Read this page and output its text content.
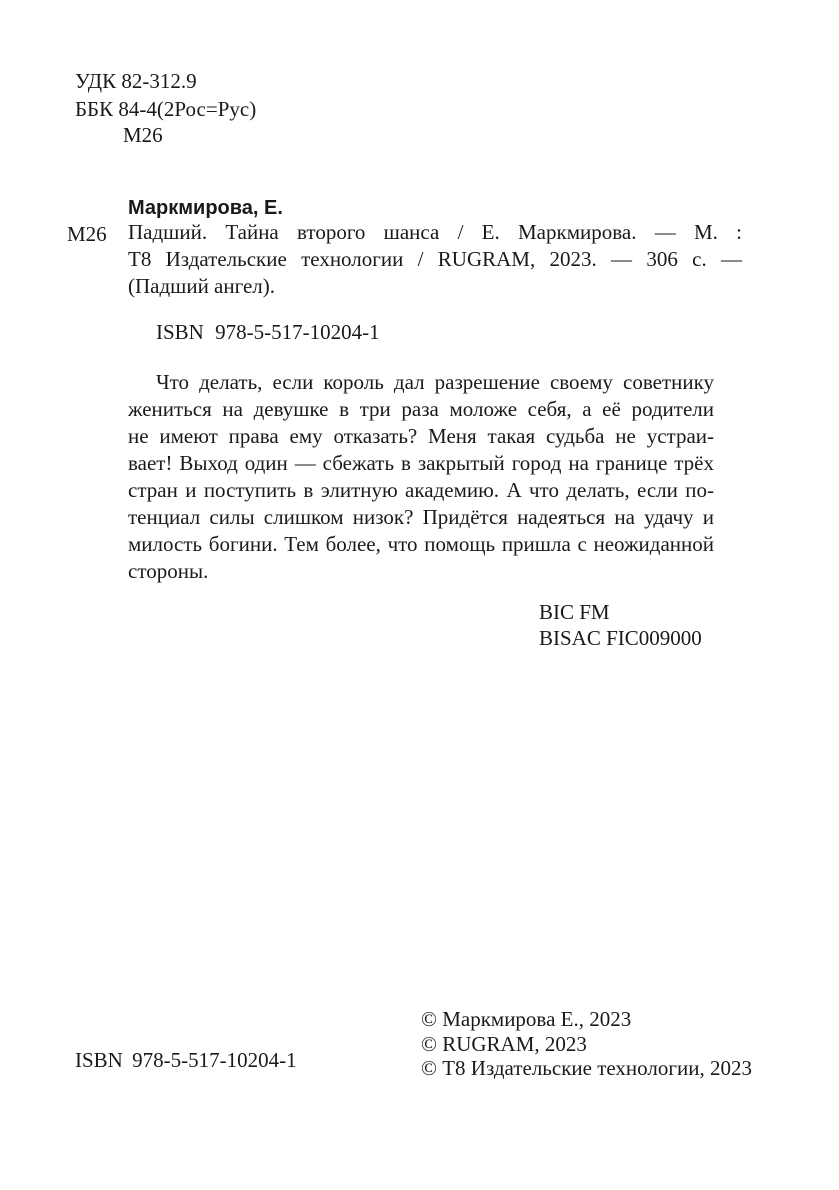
УДК 82-312.9
ББК 84-4(2Рос=Рус)
М26
Маркмирова, Е.
М26 Падший. Тайна второго шанса / Е. Маркмирова. — М. :
Т8 Издательские технологии / RUGRAM, 2023. — 306 с. —
(Падший ангел).
ISBN 978-5-517-10204-1
Что делать, если король дал разрешение своему советнику
жениться на девушке в три раза моложе себя, а её родители
не имеют права ему отказать? Меня такая судьба не устраи-
вает! Выход один — сбежать в закрытый город на границе трёх
стран и поступить в элитную академию. А что делать, если по-
тенциал силы слишком низок? Придётся надеяться на удачу и
милость богини. Тем более, что помощь пришла с неожиданной
стороны.
BIC FM
BISAC FIC009000
ISBN 978-5-517-10204-1
© Маркмирова Е., 2023
© RUGRAM, 2023
© Т8 Издательские технологии, 2023
